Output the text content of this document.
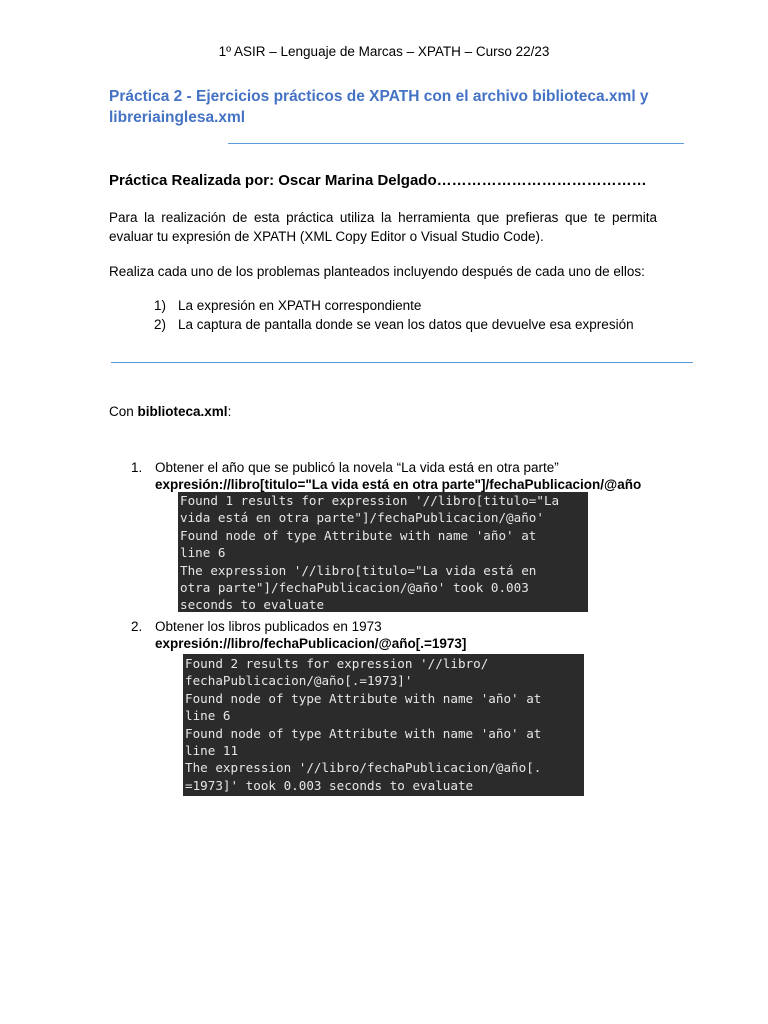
1º ASIR – Lenguaje de Marcas – XPATH – Curso 22/23
Práctica 2 - Ejercicios prácticos de XPATH con el archivo biblioteca.xml y libreriainglesa.xml
Práctica Realizada por: Oscar Marina Delgado……………………………………
Para la realización de esta práctica utiliza la herramienta que prefieras que te permita evaluar tu expresión de XPATH (XML Copy Editor o Visual Studio Code).
Realiza cada uno de los problemas planteados incluyendo después de cada uno de ellos:
1) La expresión en XPATH correspondiente
2) La captura de pantalla donde se vean los datos que devuelve esa expresión
Con biblioteca.xml:
1. Obtener el año que se publicó la novela “La vida está en otra parte”
expresión://libro[titulo="La vida está en otra parte"]/fechaPublicacion/@año
Found 1 results for expression '//libro[titulo="La
vida está en otra parte"]/fechaPublicacion/@año'
Found node of type Attribute with name 'año' at
line 6
The expression '//libro[titulo="La vida está en
otra parte"]/fechaPublicacion/@año' took 0.003
seconds to evaluate
2. Obtener los libros publicados en 1973
expresión://libro/fechaPublicacion/@año[.=1973]
Found 2 results for expression '//libro/
fechaPublicacion/@año[.=1973]'
Found node of type Attribute with name 'año' at
line 6
Found node of type Attribute with name 'año' at
line 11
The expression '//libro/fechaPublicacion/@año[.
=1973]' took 0.003 seconds to evaluate
